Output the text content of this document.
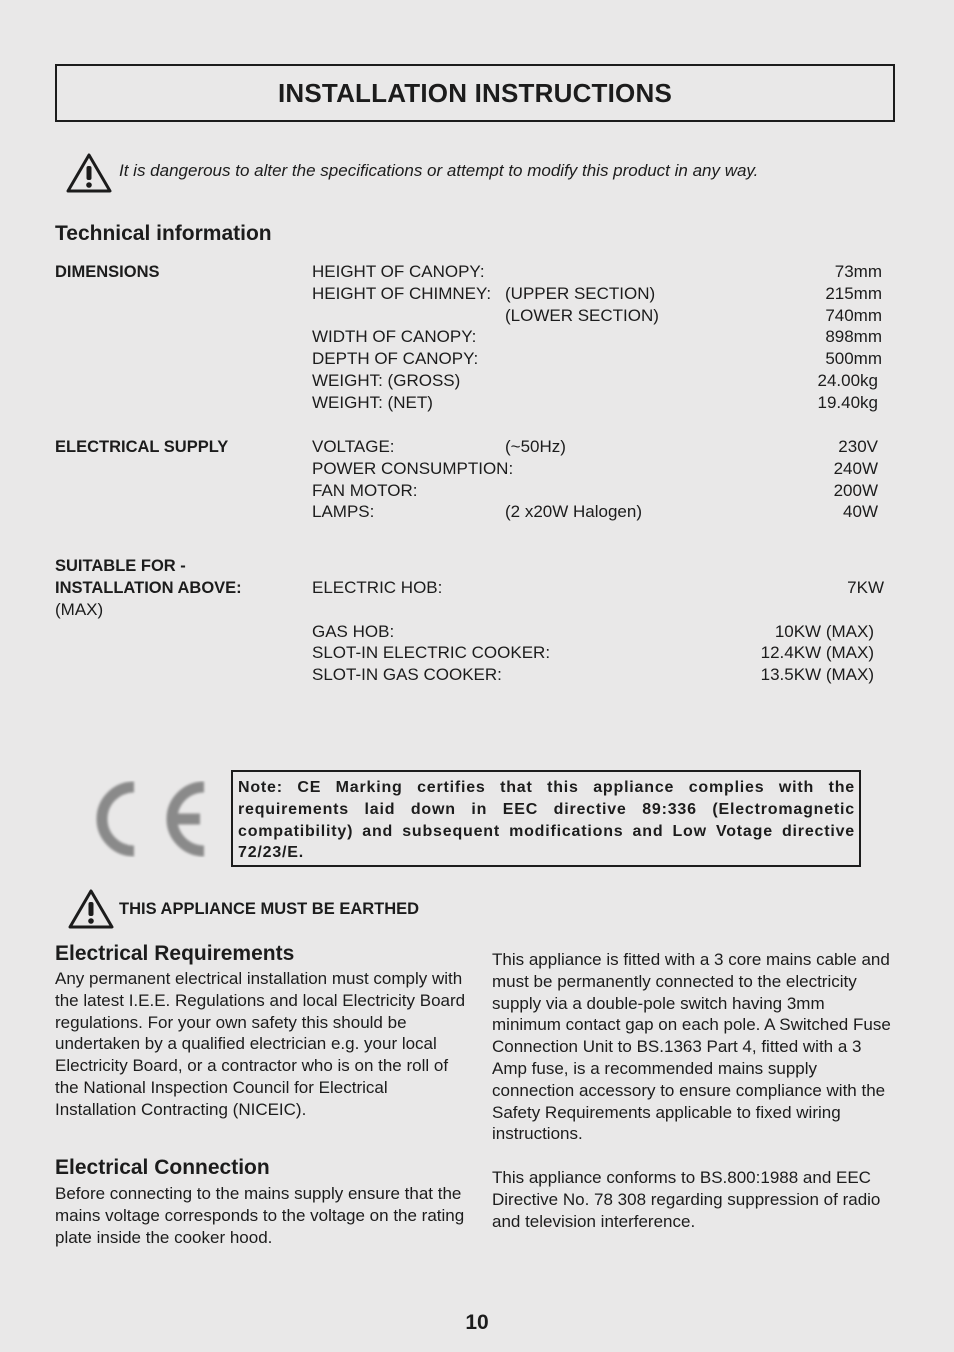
INSTALLATION INSTRUCTIONS
It is dangerous to alter the specifications or attempt to modify this product in any way.
Technical information
DIMENSIONS	HEIGHT OF CANOPY:	73mm
HEIGHT OF CHIMNEY: (UPPER SECTION)	215mm
(LOWER SECTION)	740mm
WIDTH OF CANOPY:	898mm
DEPTH OF CANOPY:	500mm
WEIGHT: (GROSS)	24.00kg
WEIGHT: (NET)	19.40kg
ELECTRICAL SUPPLY	VOLTAGE:	(~50Hz)	230V
POWER CONSUMPTION:	240W
FAN MOTOR:	200W
LAMPS:	(2 x20W Halogen)	40W
SUITABLE FOR -
INSTALLATION ABOVE:
(MAX)
ELECTRIC HOB:	7KW
GAS HOB:	10KW (MAX)
SLOT-IN ELECTRIC COOKER:	12.4KW (MAX)
SLOT-IN GAS COOKER:	13.5KW (MAX)
Note: CE Marking certifies that this appliance complies with the requirements laid down in EEC directive 89:336 (Electromagnetic compatibility) and subsequent modifications and Low Votage directive 72/23/E.
THIS APPLIANCE MUST BE EARTHED
Electrical Requirements
Any permanent electrical installation must comply with the latest I.E.E. Regulations and local Electricity Board regulations. For your own safety this should be undertaken by a qualified electrician e.g. your local Electricity Board, or a contractor who is on the roll of the National Inspection Council for Electrical Installation Contracting (NICEIC).
Electrical Connection
Before connecting to the mains supply ensure that the mains voltage corresponds to the voltage on the rating plate inside the cooker hood.
This appliance is fitted with a 3 core mains cable and must be permanently connected to the electricity supply via a double-pole switch having 3mm minimum contact gap on each pole. A Switched Fuse Connection Unit to BS.1363 Part 4, fitted with a 3 Amp fuse, is a recommended mains supply connection accessory to ensure compliance with the Safety Requirements applicable to fixed wiring instructions.
This appliance conforms to BS.800:1988 and EEC Directive No. 78 308 regarding suppression of radio and television interference.
10
